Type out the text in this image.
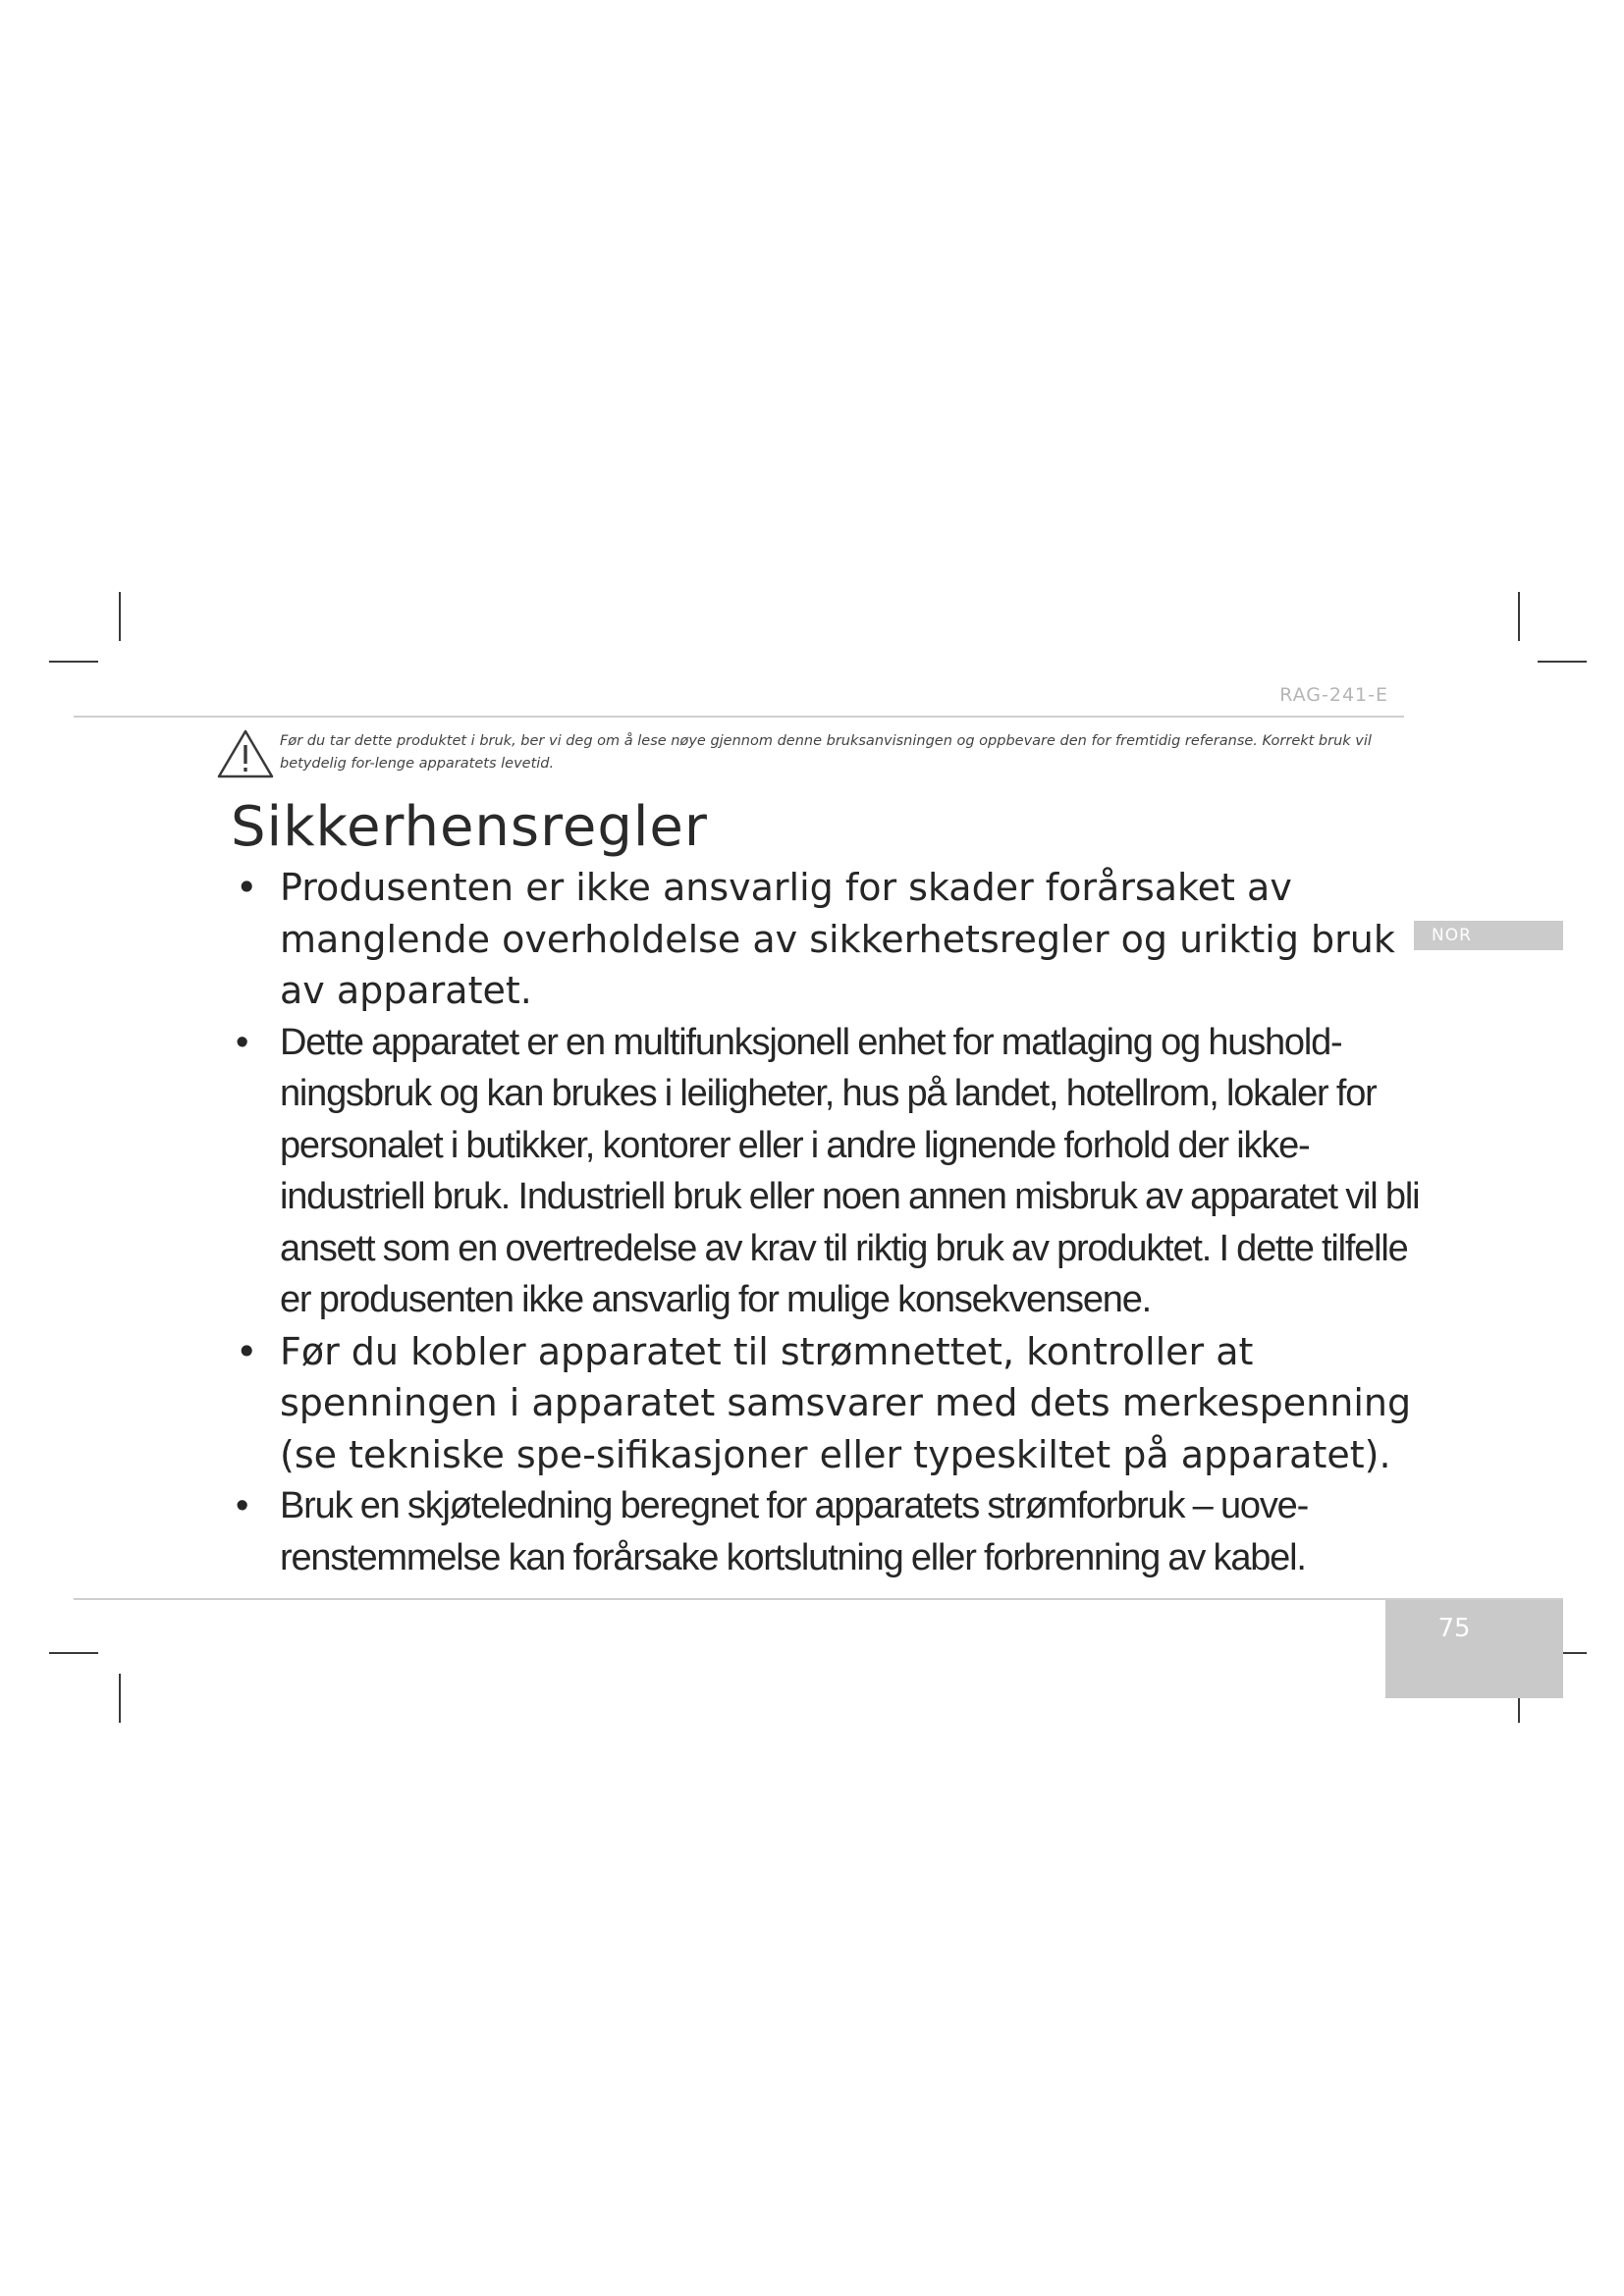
RAG-241-E
Før du tar dette produktet i bruk, ber vi deg om å lese nøye gjennom denne bruksanvisningen og oppbevare den for fremtidig referanse. Korrekt bruk vil betydelig for-lenge apparatets levetid.
Sikkerhensregler
• Produsenten er ikke ansvarlig for skader forårsaket av manglende overholdelse av sikkerhetsregler og uriktig bruk av apparatet.
• Dette apparatet er en multifunksjonell enhet for matlaging og hushold-ningsbruk og kan brukes i leiligheter, hus på landet, hotellrom, lokaler for personalet i butikker, kontorer eller i andre lignende forhold der ikke-industriell bruk. Industriell bruk eller noen annen misbruk av apparatet vil bli ansett som en overtredelse av krav til riktig bruk av produktet. I dette tilfelle er produsenten ikke ansvarlig for mulige konsekvensene.
• Før du kobler apparatet til strømnettet, kontroller at spenningen i apparatet samsvarer med dets merkespenning (se tekniske spe-sifikasjoner eller typeskiltet på apparatet).
• Bruk en skjøteledning beregnet for apparatets strømforbruk – uove-renstemmelse kan forårsake kortslutning eller forbrenning av kabel.
NOR
75
